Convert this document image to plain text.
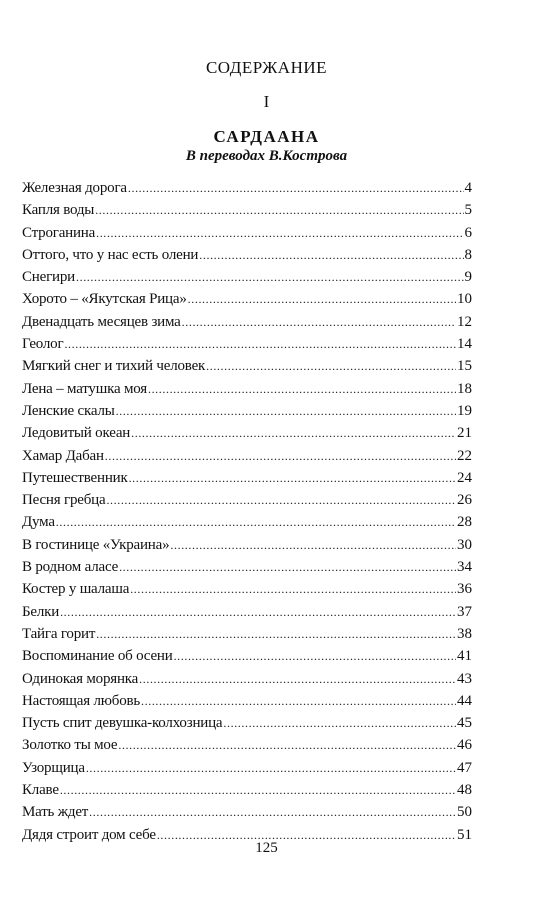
СОДЕРЖАНИЕ
I
САРДААНА
В переводах В.Кострова
Железная дорога .....	4
Капля воды .....	5
Строганина .....	6
Оттого, что у нас есть олени .....	8
Снегири .....	9
Хорото – «Якутская Рица» .....	10
Двенадцать месяцев зима .....	12
Геолог .....	14
Мягкий снег и тихий человек .....	15
Лена – матушка моя .....	18
Ленские скалы .....	19
Ледовитый океан .....	21
Хамар Дабан .....	22
Путешественник .....	24
Песня гребца .....	26
Дума .....	28
В гостинице «Украина» .....	30
В родном аласе .....	34
Костер у шалаша .....	36
Белки .....	37
Тайга горит .....	38
Воспоминание об осени .....	41
Одинокая морянка .....	43
Настоящая любовь .....	44
Пусть спит девушка-колхозница .....	45
Золотко ты мое .....	46
Узорщица .....	47
Клаве .....	48
Мать ждет .....	50
Дядя строит дом себе .....	51
125
